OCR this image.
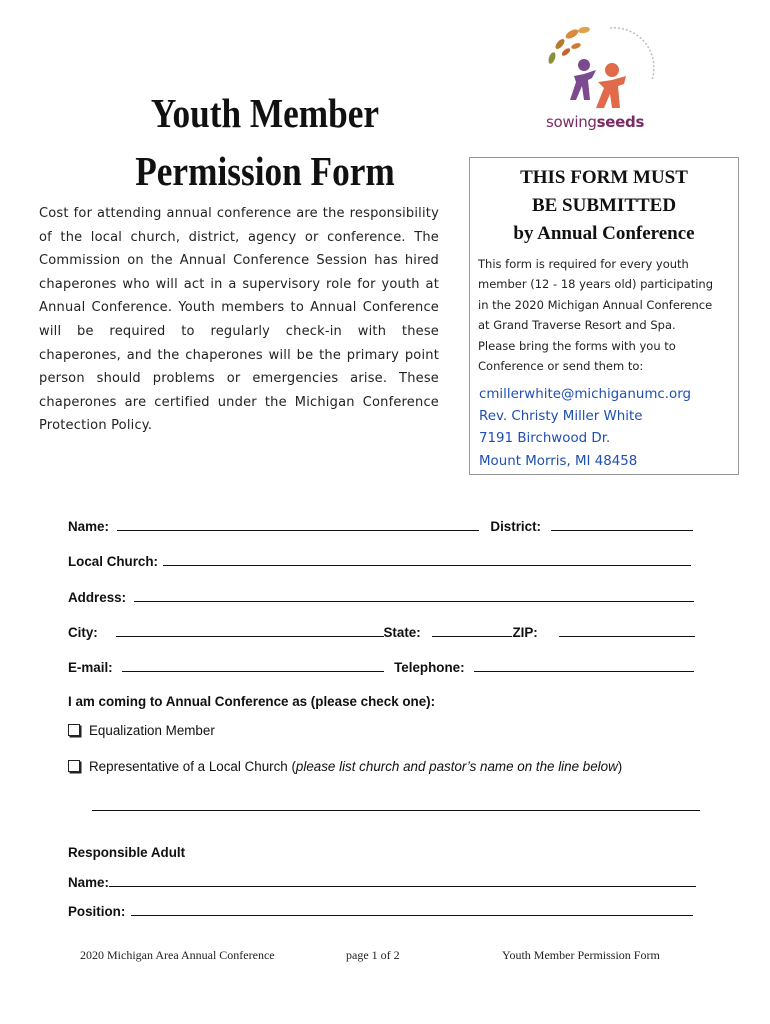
Youth Member
Permission Form
Cost for attending annual conference are the responsibility of the local church, district, agency or conference. The Commission on the Annual Conference Session has hired chaperones who will act in a supervisory role for youth at Annual Conference. Youth members to Annual Conference will be required to regularly check-in with these chaperones, and the chaperones will be the primary point person should problems or emergencies arise. These chaperones are certified under the Michigan Conference Protection Policy.
sowingseeds
THIS FORM MUST
BE SUBMITTED
by Annual Conference
This form is required for every youth
member (12 - 18 years old) participating
in the 2020 Michigan Annual Conference
at Grand Traverse Resort and Spa.
Please bring the forms with you to
Conference or send them to:
cmillerwhite@michiganumc.org
Rev. Christy Miller White
7191 Birchwood Dr.
Mount Morris, MI 48458
Name:	District:
Local Church:
Address:
City:	State:	ZIP:
E-mail:	Telephone:
I am coming to Annual Conference as (please check one):
Equalization Member
Representative of a Local Church (please list church and pastor’s name on the line below)
Responsible Adult
Name:
Position:
2020 Michigan Area Annual Conference	page 1 of 2	Youth Member Permission Form
